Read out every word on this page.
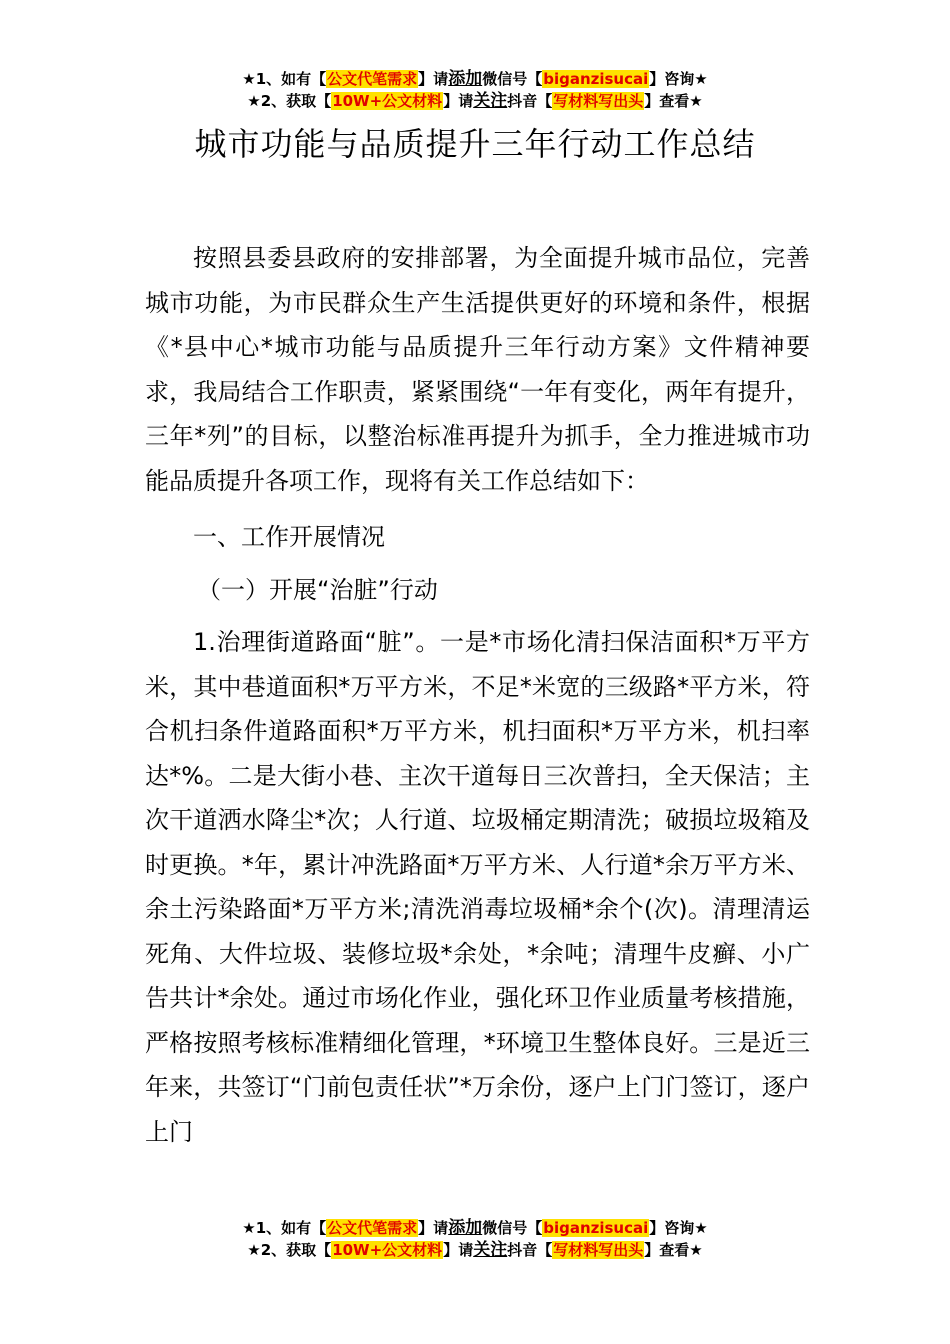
★1、如有【公文代笔需求】请添加微信号【biganzisucai】咨询★
★2、获取【10W+公文材料】请关注抖音【写材料写出头】查看★
城市功能与品质提升三年行动工作总结

按照县委县政府的安排部署，为全面提升城市品位，完善城市功能，为市民群众生产生活提供更好的环境和条件，根据《*县中心*城市功能与品质提升三年行动方案》文件精神要求，我局结合工作职责，紧紧围绕“一年有变化，两年有提升，三年*列”的目标，以整治标准再提升为抓手，全力推进城市功能品质提升各项工作，现将有关工作总结如下：

一、工作开展情况

（一）开展“治脏”行动

1.治理街道路面“脏”。一是*市场化清扫保洁面积*万平方米，其中巷道面积*万平方米，不足*米宽的三级路*平方米，符合机扫条件道路面积*万平方米，机扫面积*万平方米，机扫率达*%。二是大街小巷、主次干道每日三次普扫，全天保洁；主次干道洒水降尘*次；人行道、垃圾桶定期清洗；破损垃圾箱及时更换。*年，累计冲洗路面*万平方米、人行道*余万平方米、余土污染路面*万平方米;清洗消毒垃圾桶*余个(次)。清理清运死角、大件垃圾、装修垃圾*余处，*余吨；清理牛皮癣、小广告共计*余处。通过市场化作业，强化环卫作业质量考核措施，严格按照考核标准精细化管理，*环境卫生整体良好。三是近三年来，共签订“门前包责任状”*万余份，逐户上门门签订，逐户上门

★1、如有【公文代笔需求】请添加微信号【biganzisucai】咨询★
★2、获取【10W+公文材料】请关注抖音【写材料写出头】查看★
